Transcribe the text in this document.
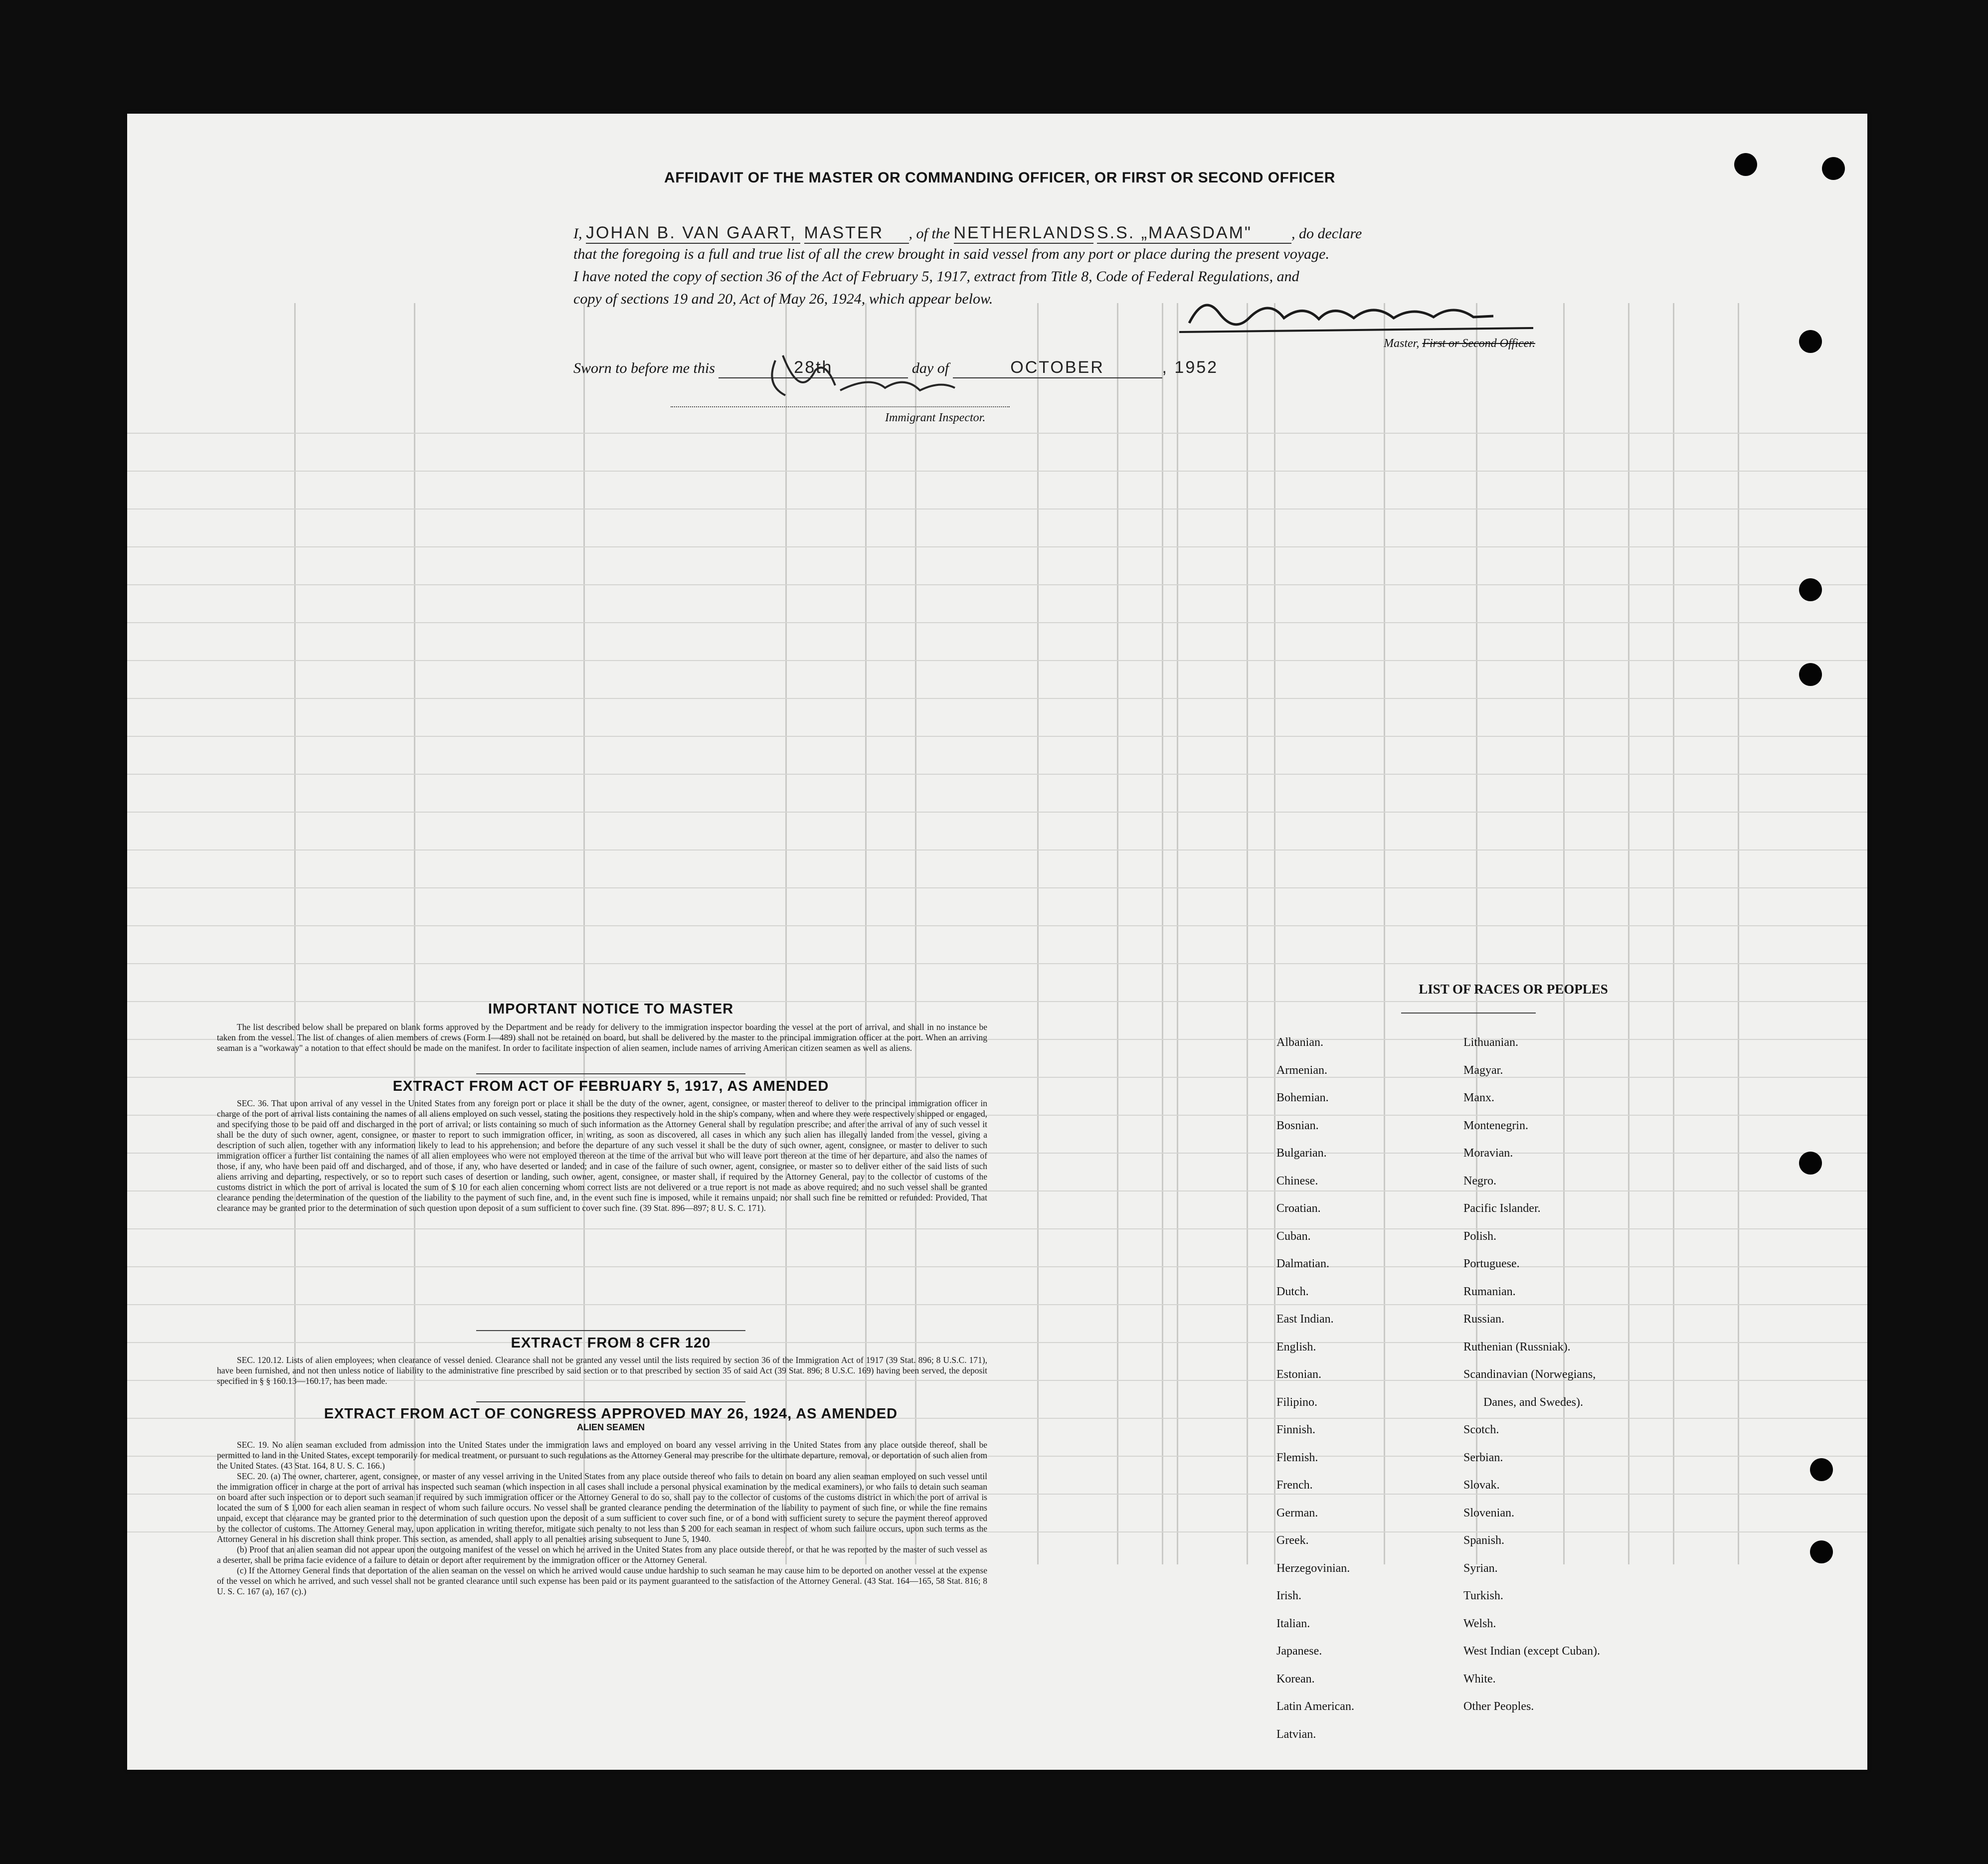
AFFIDAVIT OF THE MASTER OR COMMANDING OFFICER, OR FIRST OR SECOND OFFICER
I, JOHAN B. VAN GAART, MASTER , of the NETHERLANDS S.S. „MAASDAM"	, do declare
that the foregoing is a full and true list of all the crew brought in said vessel from any port or place during the present voyage.
I have noted the copy of section 36 of the Act of February 5, 1917, extract from Title 8, Code of Federal Regulations, and
copy of sections 19 and 20, Act of May 26, 1924, which appear below.
Master, First or Second Officer.
Sworn to before me this	28th	day of	OCTOBER	, 1952
Immigrant Inspector.
IMPORTANT NOTICE TO MASTER

The list described below shall be prepared on blank forms approved by the Department and be ready for delivery to the immigration inspector boarding the vessel at the port of arrival, and shall in no instance be taken from the vessel. The list of changes of alien members of crews (Form I—489) shall not be retained on board, but shall be delivered by the master to the principal immigration officer at the port. When an arriving seaman is a "workaway" a notation to that effect should be made on the manifest. In order to facilitate inspection of alien seamen, include names of arriving American citizen seamen as well as aliens.

EXTRACT FROM ACT OF FEBRUARY 5, 1917, AS AMENDED

SEC. 36. That upon arrival of any vessel in the United States from any foreign port or place it shall be the duty of the owner, agent, consignee, or master thereof to deliver to the principal immigration officer in charge of the port of arrival lists containing the names of all aliens employed on such vessel, stating the positions they respectively hold in the ship's company, when and where they were respectively shipped or engaged, and specifying those to be paid off and discharged in the port of arrival; or lists containing so much of such information as the Attorney General shall by regulation prescribe; and after the arrival of any of such vessel it shall be the duty of such owner, agent, consignee, or master to report to such immigration officer, in writing, as soon as discovered, all cases in which any such alien has illegally landed from the vessel, giving a description of such alien, together with any information likely to lead to his apprehension; and before the departure of any such vessel it shall be the duty of such owner, agent, consignee, or master to deliver to such immigration officer a further list containing the names of all alien employees who were not employed thereon at the time of the arrival but who will leave port thereon at the time of her departure, and also the names of those, if any, who have been paid off and discharged, and of those, if any, who have deserted or landed; and in case of the failure of such owner, agent, consignee, or master so to deliver either of the said lists of such aliens arriving and departing, respectively, or so to report such cases of desertion or landing, such owner, agent, consignee, or master shall, if required by the Attorney General, pay to the collector of customs of the customs district in which the port of arrival is located the sum of $ 10 for each alien concerning whom correct lists are not delivered or a true report is not made as above required; and no such vessel shall be granted clearance pending the determination of the question of the liability to the payment of such fine, and, in the event such fine is imposed, while it remains unpaid; nor shall such fine be remitted or refunded: Provided, That clearance may be granted prior to the determination of such question upon deposit of a sum sufficient to cover such fine. (39 Stat. 896—897; 8 U. S. C. 171).

EXTRACT FROM 8 CFR 120

SEC. 120.12. Lists of alien employees; when clearance of vessel denied. Clearance shall not be granted any vessel until the lists required by section 36 of the Immigration Act of 1917 (39 Stat. 896; 8 U.S.C. 171), have been furnished, and not then unless notice of liability to the administrative fine prescribed by said section or to that prescribed by section 35 of said Act (39 Stat. 896; 8 U.S.C. 169) having been served, the deposit specified in § § 160.13—160.17, has been made.

EXTRACT FROM ACT OF CONGRESS APPROVED MAY 26, 1924, AS AMENDED
ALIEN SEAMEN

SEC. 19. No alien seaman excluded from admission into the United States under the immigration laws and employed on board any vessel arriving in the United States from any place outside thereof, shall be permitted to land in the United States, except temporarily for medical treatment, or pursuant to such regulations as the Attorney General may prescribe for the ultimate departure, removal, or deportation of such alien from the United States. (43 Stat. 164, 8 U. S. C. 166.)

SEC. 20. (a) The owner, charterer, agent, consignee, or master of any vessel arriving in the United States from any place outside thereof who fails to detain on board any alien seaman employed on such vessel until the immigration officer in charge at the port of arrival has inspected such seaman (which inspection in all cases shall include a personal physical examination by the medical examiners), or who fails to detain such seaman on board after such inspection or to deport such seaman if required by such immigration officer or the Attorney General to do so, shall pay to the collector of customs of the customs district in which the port of arrival is located the sum of $ 1,000 for each alien seaman in respect of whom such failure occurs. No vessel shall be granted clearance pending the determination of the liability to payment of such fine, or while the fine remains unpaid, except that clearance may be granted prior to the determination of such question upon the deposit of a sum sufficient to cover such fine, or of a bond with sufficient surety to secure the payment thereof approved by the collector of customs. The Attorney General may, upon application in writing therefor, mitigate such penalty to not less than $ 200 for each seaman in respect of whom such failure occurs, upon such terms as the Attorney General in his discretion shall think proper. This section, as amended, shall apply to all penalties arising subsequent to June 5, 1940.

(b) Proof that an alien seaman did not appear upon the outgoing manifest of the vessel on which he arrived in the United States from any place outside thereof, or that he was reported by the master of such vessel as a deserter, shall be prima facie evidence of a failure to detain or deport after requirement by the immigration officer or the Attorney General.

(c) If the Attorney General finds that deportation of the alien seaman on the vessel on which he arrived would cause undue hardship to such seaman he may cause him to be deported on another vessel at the expense of the vessel on which he arrived, and such vessel shall not be granted clearance until such expense has been paid or its payment guaranteed to the satisfaction of the Attorney General. (43 Stat. 164—165, 58 Stat. 816; 8 U. S. C. 167 (a), 167 (c).)

LIST OF RACES OR PEOPLES
Albanian.
Armenian.
Bohemian.
Bosnian.
Bulgarian.
Chinese.
Croatian.
Cuban.
Dalmatian.
Dutch.
East Indian.
English.
Estonian.
Filipino.
Finnish.
Flemish.
French.
German.
Greek.
Herzegovinian.
Irish.
Italian.
Japanese.
Korean.
Latin American.
Latvian.
Lithuanian.
Magyar.
Manx.
Montenegrin.
Moravian.
Negro.
Pacific Islander.
Polish.
Portuguese.
Rumanian.
Russian.
Ruthenian (Russniak).
Scandinavian (Norwegians,
Danes, and Swedes).
Scotch.
Serbian.
Slovak.
Slovenian.
Spanish.
Syrian.
Turkish.
Welsh.
West Indian (except Cuban).
White.
Other Peoples.
